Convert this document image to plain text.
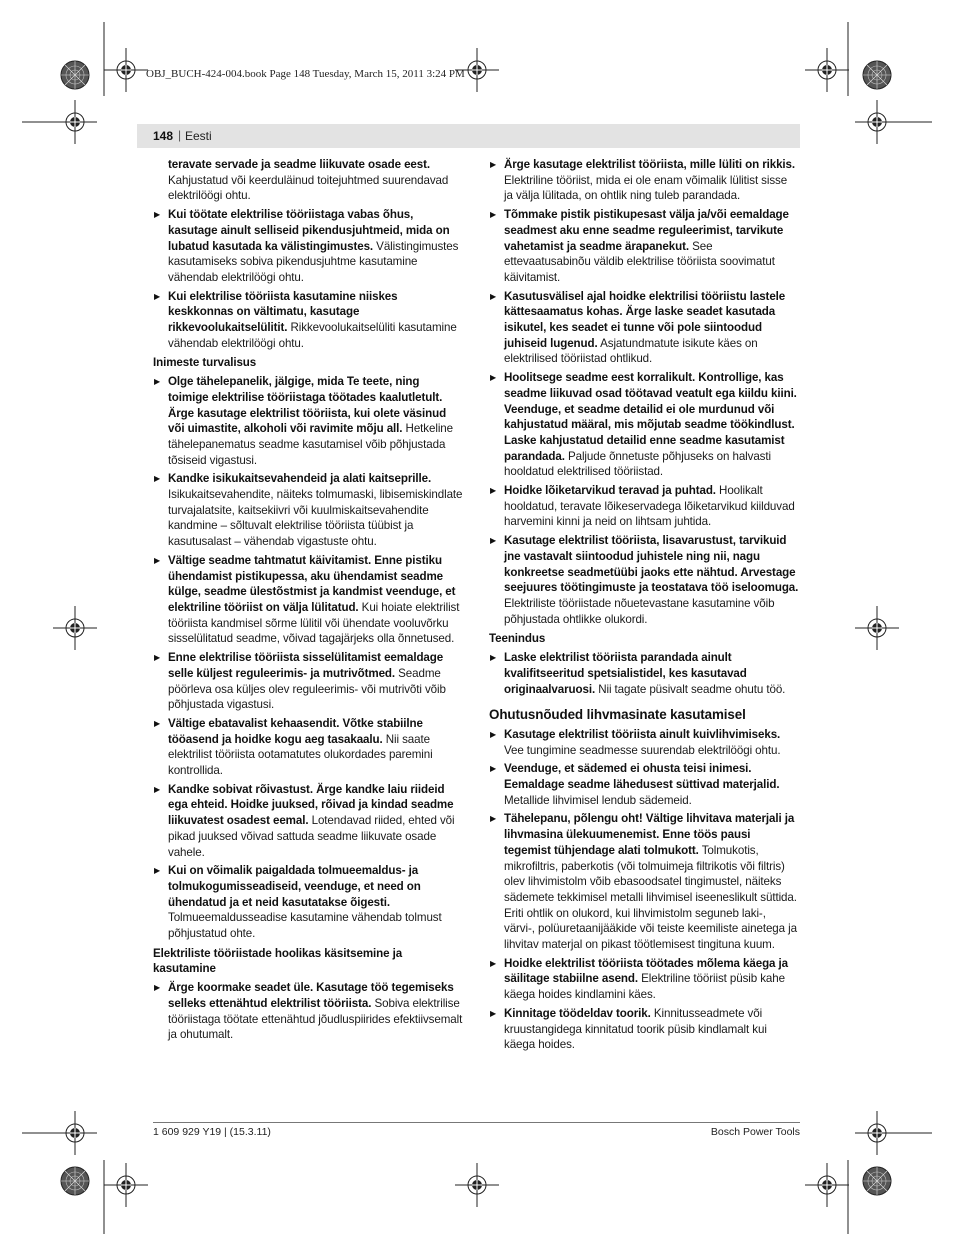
OBJ_BUCH-424-004.book Page 148 Tuesday, March 15, 2011 3:24 PM
148 | Eesti
teravate servade ja seadme liikuvate osade eest.
Kahjustatud või keerduläinud toitejuhtmed suurendavad elektrilöögi ohtu.
▶ Kui töötate elektrilise tööriistaga vabas õhus, kasutage ainult selliseid pikendusjuhtmeid, mida on lubatud kasutada ka välistingimustes. Välistingimustes kasutamiseks sobiva pikendusjuhtme kasutamine vähendab elektrilöögi ohtu.
▶ Kui elektrilise tööriista kasutamine niiskes keskkonnas on vältimatu, kasutage rikkevoolukaitselülitit. Rikkevoolukaitselüliti kasutamine vähendab elektrilöögi ohtu.
Inimeste turvalisus
▶ Olge tähelepanelik, jälgige, mida Te teete, ning toimige elektrilise tööriistaga töötades kaalutletult. Ärge kasutage elektrilist tööriista, kui olete väsinud või uimastite, alkoholi või ravimite mõju all. Hetkeline tähelepanematus seadme kasutamisel võib põhjustada tõsiseid vigastusi.
▶ Kandke isikukaitsevahendeid ja alati kaitseprille. Isikukaitsevahendite, näiteks tolmumaski, libisemiskindlate turvajalatsite, kaitsekiivri või kuulmiskaitsevahendite kandmine – sõltuvalt elektrilise tööriista tüübist ja kasutusalast – vähendab vigastuste ohtu.
▶ Vältige seadme tahtmatut käivitamist. Enne pistiku ühendamist pistikupessa, aku ühendamist seadme külge, seadme ülestõstmist ja kandmist veenduge, et elektriline tööriist on välja lülitatud. Kui hoiate elektrilist tööriista kandmisel sõrme lülitil või ühendate vooluvõrku sisselülitatud seadme, võivad tagajärjeks olla õnnetused.
▶ Enne elektrilise tööriista sisselülitamist eemaldage selle küljest reguleerimis- ja mutrivõtmed. Seadme pöörleva osa küljes olev reguleerimis- või mutrivõti võib põhjustada vigastusi.
▶ Vältige ebatavalist kehaasendit. Võtke stabiilne tööasend ja hoidke kogu aeg tasakaalu. Nii saate elektrilist tööriista ootamatutes olukordades paremini kontrollida.
▶ Kandke sobivat rõivastust. Ärge kandke laiu riideid ega ehteid. Hoidke juuksed, rõivad ja kindad seadme liikuvatest osadest eemal. Lotendavad riided, ehted või pikad juuksed võivad sattuda seadme liikuvate osade vahele.
▶ Kui on võimalik paigaldada tolmueemaldus- ja tolmukogumisseadiseid, veenduge, et need on ühendatud ja et neid kasutatakse õigesti. Tolmueemaldusseadise kasutamine vähendab tolmust põhjustatud ohte.
Elektriliste tööriistade hoolikas käsitsemine ja kasutamine
▶ Ärge koormake seadet üle. Kasutage töö tegemiseks selleks ettenähtud elektrilist tööriista. Sobiva elektrilise tööriistaga töötate ettenähtud jõudluspiirides efektiivsemalt ja ohutumalt.
▶ Ärge kasutage elektrilist tööriista, mille lüliti on rikkis. Elektriline tööriist, mida ei ole enam võimalik lülitist sisse ja välja lülitada, on ohtlik ning tuleb parandada.
▶ Tõmmake pistik pistikupesast välja ja/või eemaldage seadmest aku enne seadme reguleerimist, tarvikute vahetamist ja seadme ärapanekut. See ettevaatusabinõu väldib elektrilise tööriista soovimatut käivitamist.
▶ Kasutusvälisel ajal hoidke elektrilisi tööriistu lastele kättesaamatus kohas. Ärge laske seadet kasutada isikutel, kes seadet ei tunne või pole siintoodud juhiseid lugenud. Asjatundmatute isikute käes on elektrilised tööriistad ohtlikud.
▶ Hoolitsege seadme eest korralikult. Kontrollige, kas seadme liikuvad osad töötavad veatult ega kiildu kiini. Veenduge, et seadme detailid ei ole murdunud või kahjustatud määral, mis mõjutab seadme töökindlust. Laske kahjustatud detailid enne seadme kasutamist parandada. Paljude õnnetuste põhjuseks on halvasti hooldatud elektrilised tööriistad.
▶ Hoidke lõiketarvikud teravad ja puhtad. Hoolikalt hooldatud, teravate lõikeservadega lõiketarvikud kiilduvad harvemini kinni ja neid on lihtsam juhtida.
▶ Kasutage elektrilist tööriista, lisavarustust, tarvikuid jne vastavalt siintoodud juhistele ning nii, nagu konkreetse seadmetüübi jaoks ette nähtud. Arvestage seejuures töötingimuste ja teostatava töö iseloomuga. Elektriliste tööriistade nõuetevastane kasutamine võib põhjustada ohtlikke olukordi.
Teenindus
▶ Laske elektrilist tööriista parandada ainult kvalifitseeritud spetsialistidel, kes kasutavad originaalvaruosi. Nii tagate püsivalt seadme ohutu töö.
Ohutusnõuded lihvmasinate kasutamisel
▶ Kasutage elektrilist tööriista ainult kuivlihvimiseks. Vee tungimine seadmesse suurendab elektrilöögi ohtu.
▶ Veenduge, et sädemed ei ohusta teisi inimesi. Eemaldage seadme lähedusest süttivad materjalid. Metallide lihvimisel lendub sädemeid.
▶ Tähelepanu, põlengu oht! Vältige lihvitava materjali ja lihvmasina ülekuumenemist. Enne töös pausi tegemist tühjendage alati tolmukott. Tolmukotis, mikrofiltris, paberkotis (või tolmuimeja filtrikotis või filtris) olev lihvimistolm võib ebasoodsatel tingimustel, näiteks sädemete tekkimisel metalli lihvimisel iseeneslikult süttida. Eriti ohtlik on olukord, kui lihvimistolm seguneb laki-, värvi-, polüuretaanijääkide või teiste keemiliste ainetega ja lihvitav materjal on pikast töötlemisest tingituna kuum.
▶ Hoidke elektrilist tööriista töötades mõlema käega ja säilitage stabiilne asend. Elektriline tööriist püsib kahe käega hoides kindlamini käes.
▶ Kinnitage töödeldav toorik. Kinnitusseadmete või kruustangidega kinnitatud toorik püsib kindlamalt kui käega hoides.
1 609 929 Y19 | (15.3.11)	Bosch Power Tools
